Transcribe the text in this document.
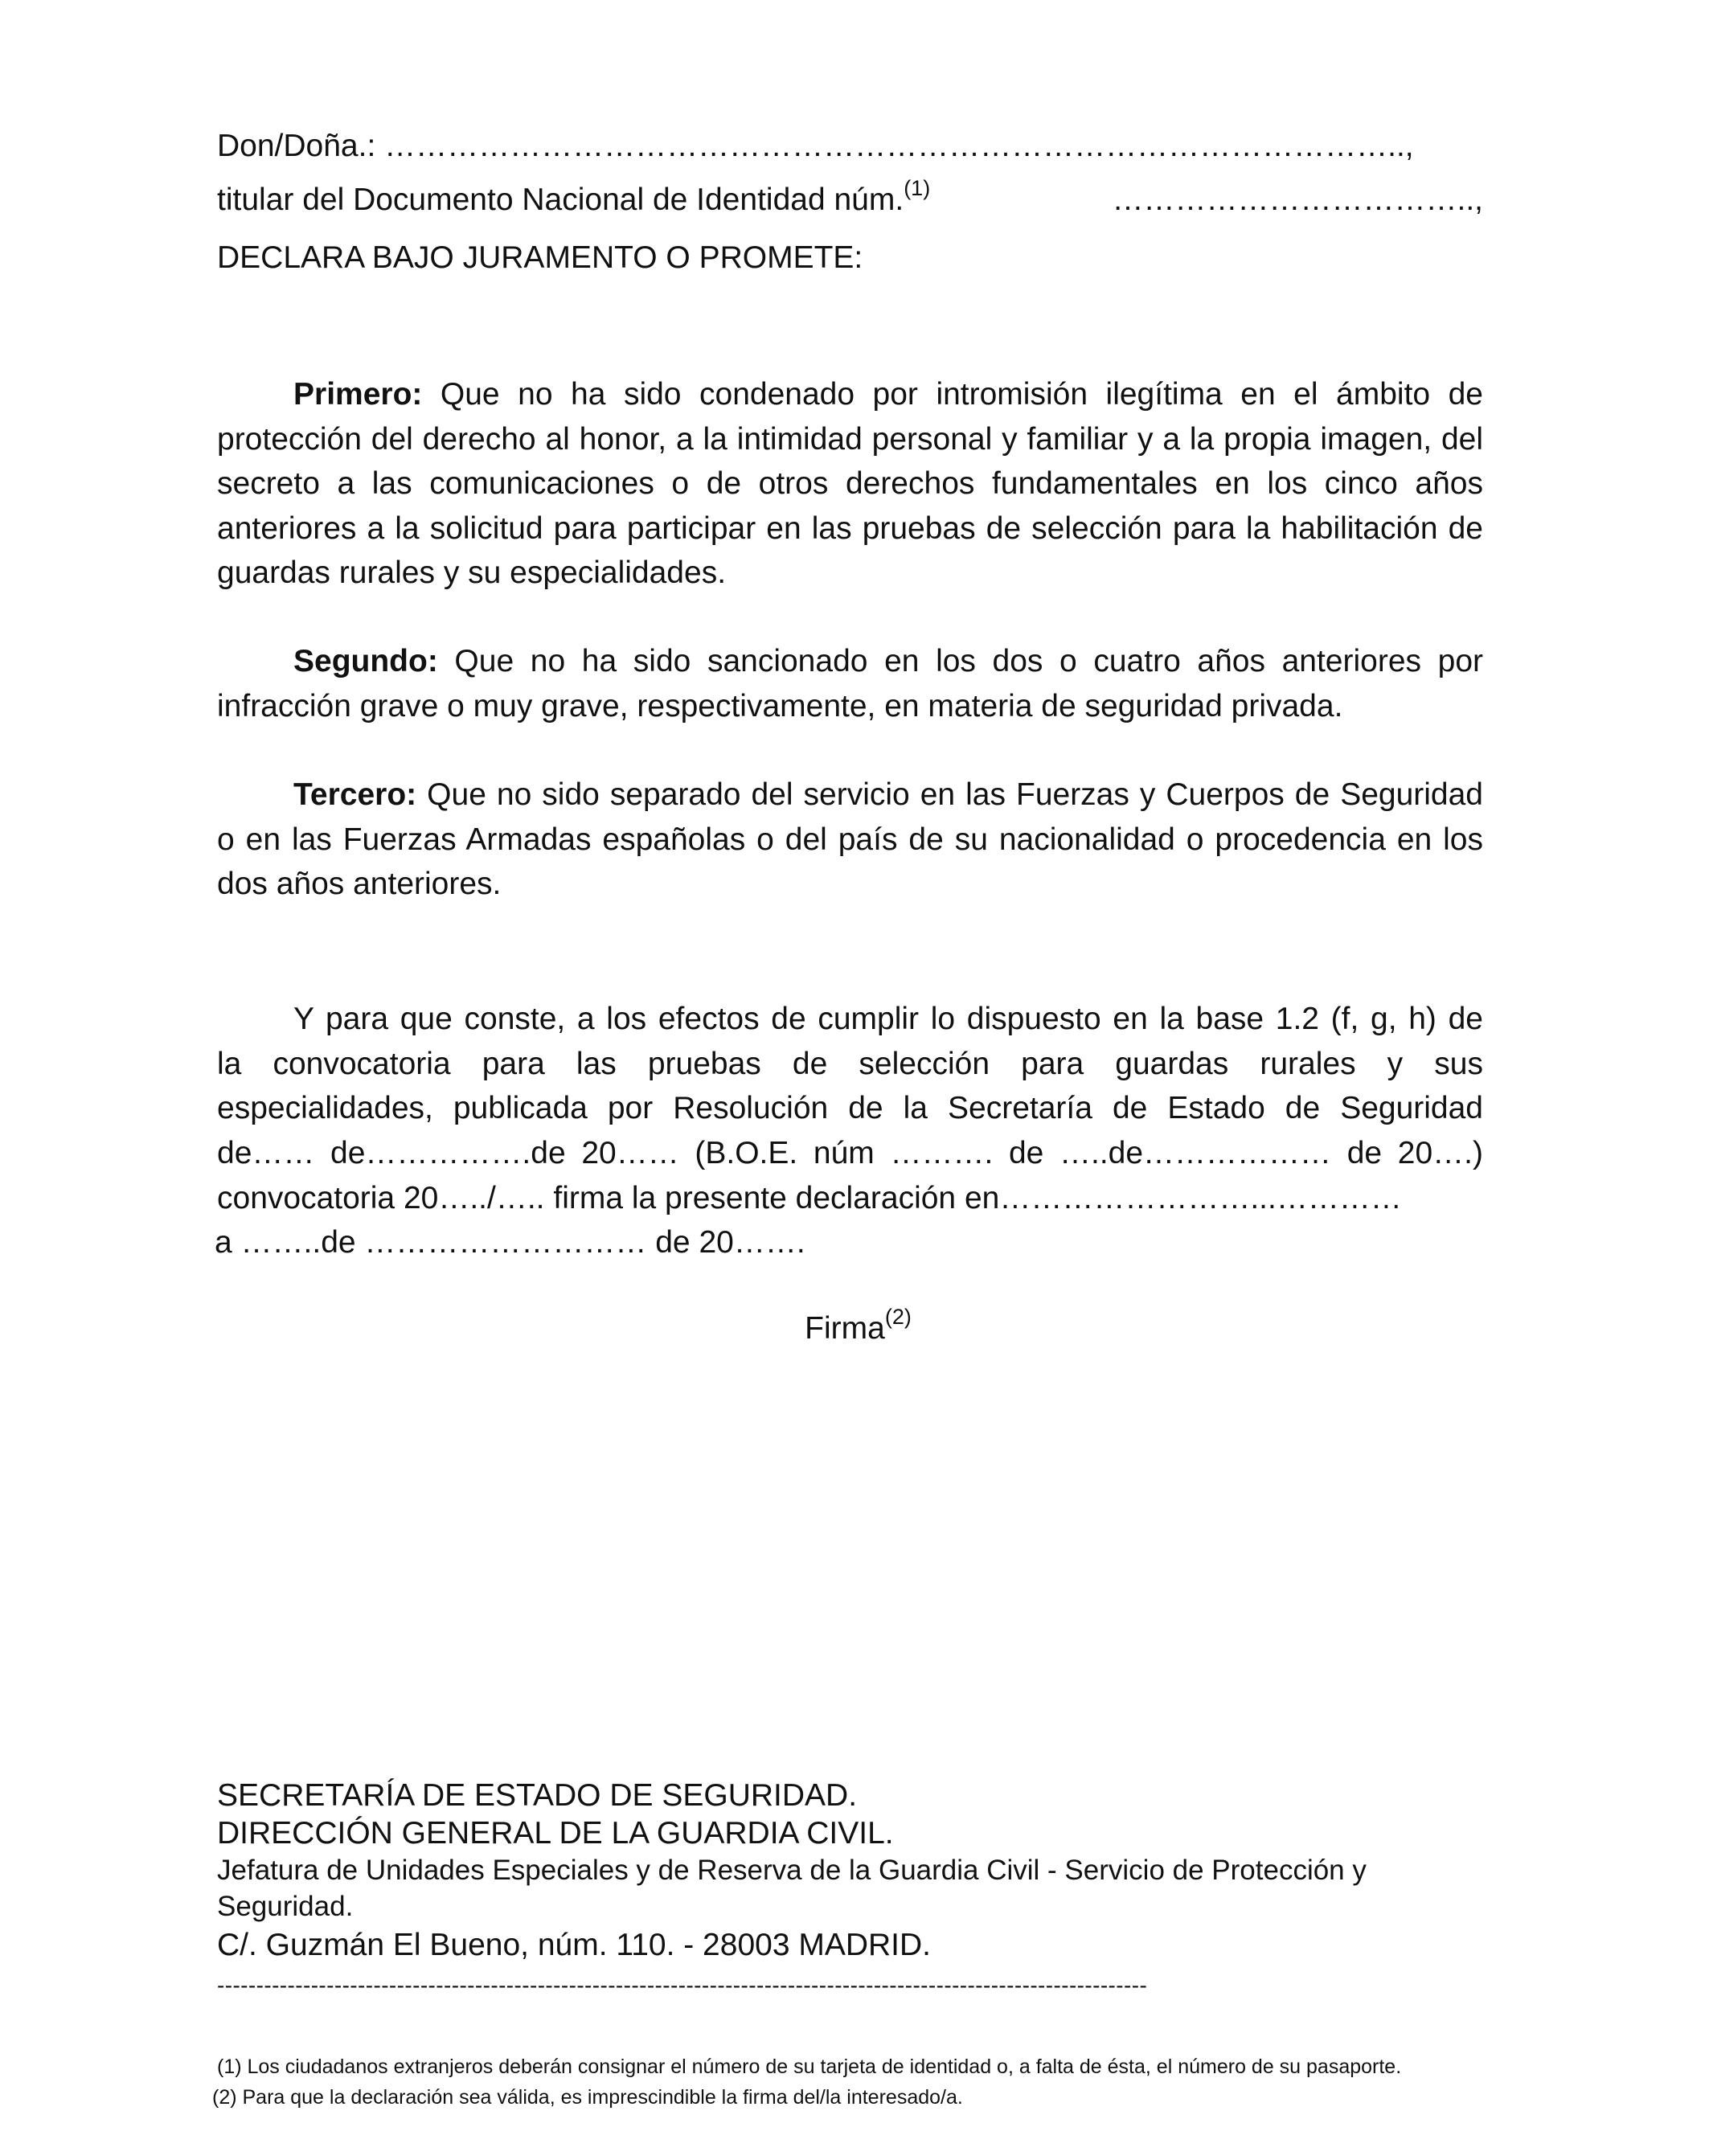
Don/Doña.: ……………………………………………………………………………………..,
titular del Documento Nacional de Identidad núm.$^{(1)}$	……………………………..,
DECLARA BAJO JURAMENTO O PROMETE:

Primero: Que no ha sido condenado por intromisión ilegítima en el ámbito de protección del derecho al honor, a la intimidad personal y familiar y a la propia imagen, del secreto a las comunicaciones o de otros derechos fundamentales en los cinco años anteriores a la solicitud para participar en las pruebas de selección para la habilitación de guardas rurales y su especialidades.

Segundo: Que no ha sido sancionado en los dos o cuatro años anteriores por infracción grave o muy grave, respectivamente, en materia de seguridad privada.

Tercero: Que no sido separado del servicio en las Fuerzas y Cuerpos de Seguridad o en las Fuerzas Armadas españolas o del país de su nacionalidad o procedencia en los dos años anteriores.

Y para que conste, a los efectos de cumplir lo dispuesto en la base 1.2 (f, g, h) de
la convocatoria para las pruebas de selección para guardas rurales y sus
especialidades, publicada por Resolución de la Secretaría de Estado de Seguridad
de…… de…………….de 20…… (B.O.E. núm ………. de …..de……………… de 20….)
convocatoria 20…../….. firma la presente declaración en……………………...…………
a ……..de ……………………… de 20…….
Firma$^{(2)}$
SECRETARÍA DE ESTADO DE SEGURIDAD.
DIRECCIÓN GENERAL DE LA GUARDIA CIVIL.
Jefatura de Unidades Especiales y de Reserva de la Guardia Civil - Servicio de Protección y Seguridad.
C/. Guzmán El Bueno, núm. 110. - 28003 MADRID.
-----------------------------------------------------------------------------------------------------------------------

(1) Los ciudadanos extranjeros deberán consignar el número de su tarjeta de identidad o, a falta de ésta, el número de su pasaporte.

(2) Para que la declaración sea válida, es imprescindible la firma del/la interesado/a.
